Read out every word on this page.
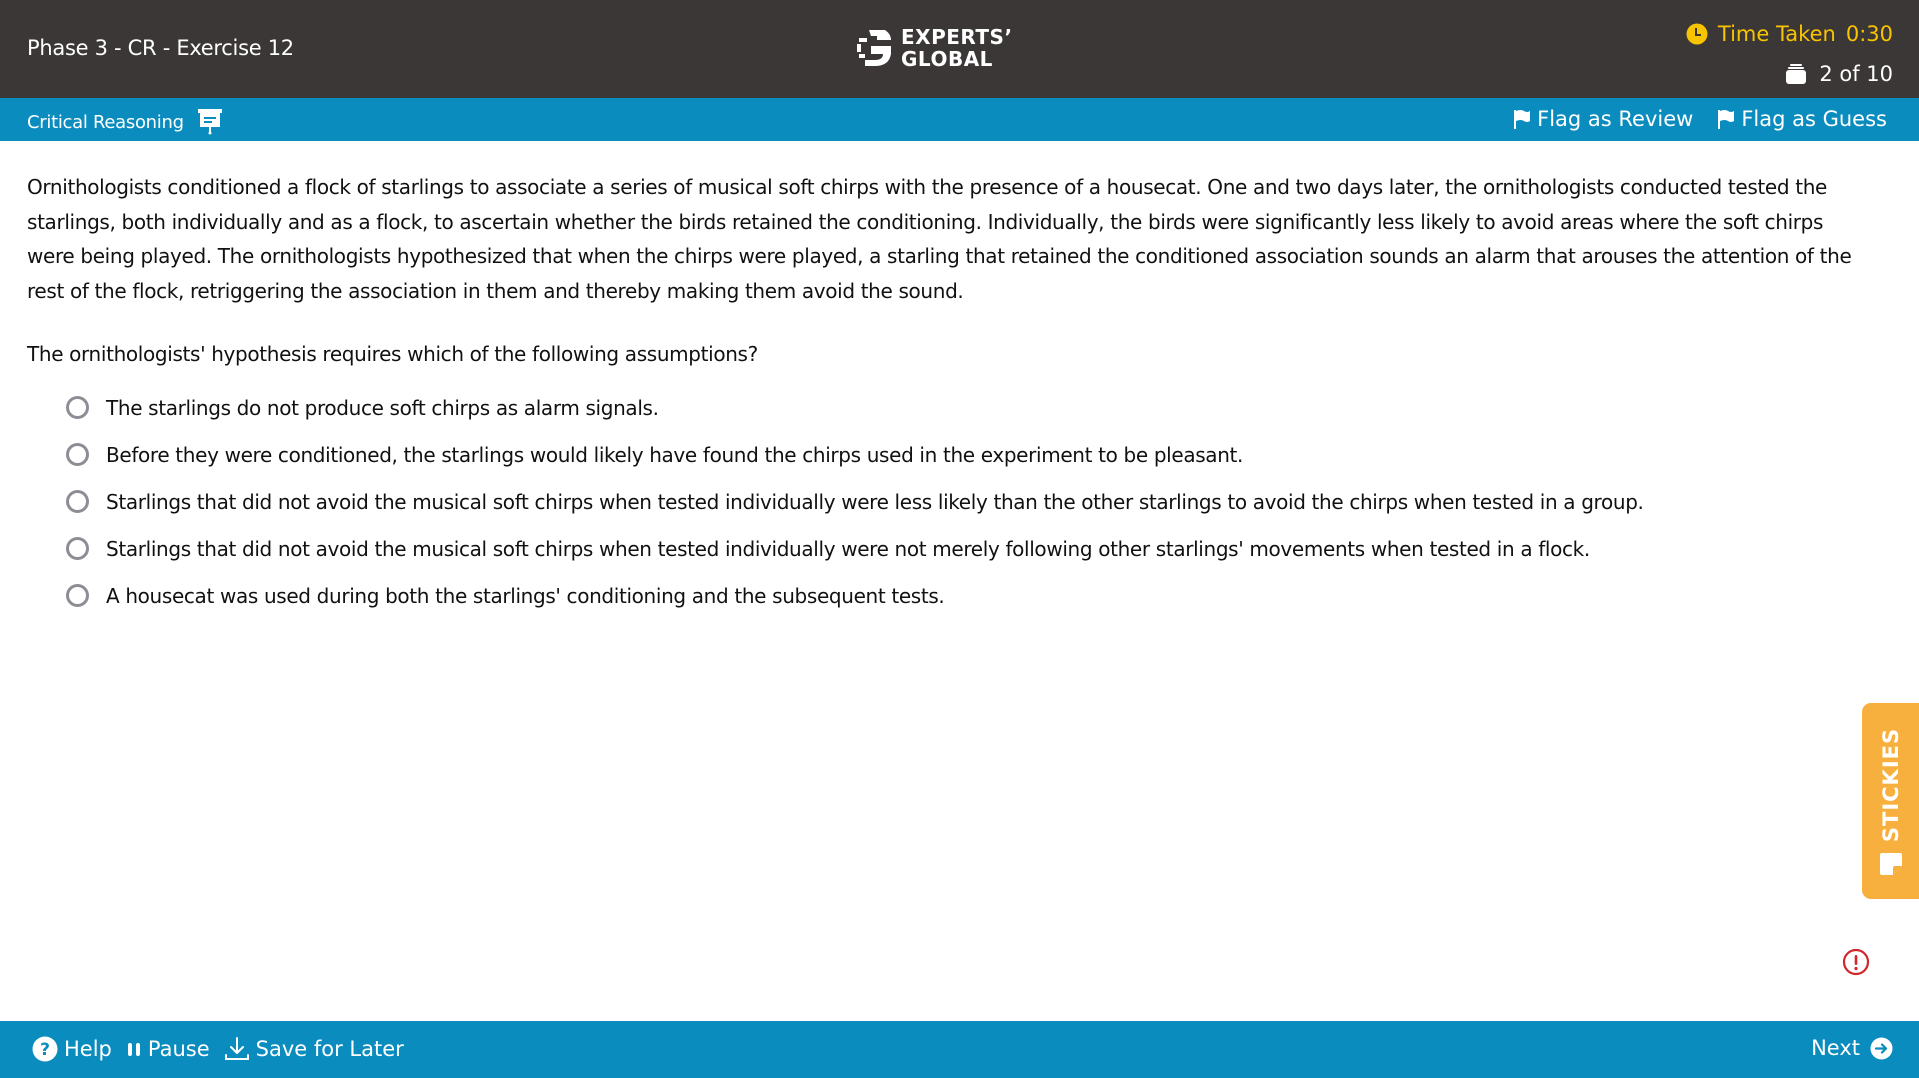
Phase 3 - CR - Exercise 12	EXPERTS’
GLOBAL
Time Taken 0:30
2 of 10
Critical Reasoning	Flag as Review Flag as Guess

Ornithologists conditioned a flock of starlings to associate a series of musical soft chirps with the presence of a housecat. One and two days later, the ornithologists conducted tested the starlings, both individually and as a flock, to ascertain whether the birds retained the conditioning. Individually, the birds were significantly less likely to avoid areas where the soft chirps were being played. The ornithologists hypothesized that when the chirps were played, a starling that retained the conditioned association sounds an alarm that arouses the attention of the rest of the flock, retriggering the association in them and thereby making them avoid the sound.

The ornithologists' hypothesis requires which of the following assumptions?

The starlings do not produce soft chirps as alarm signals.
Before they were conditioned, the starlings would likely have found the chirps used in the experiment to be pleasant.
Starlings that did not avoid the musical soft chirps when tested individually were less likely than the other starlings to avoid the chirps when tested in a group.
Starlings that did not avoid the musical soft chirps when tested individually were not merely following other starlings' movements when tested in a flock.
A housecat was used during both the starlings' conditioning and the subsequent tests.
STICKIES
? Help Pause Save for Later	Next
